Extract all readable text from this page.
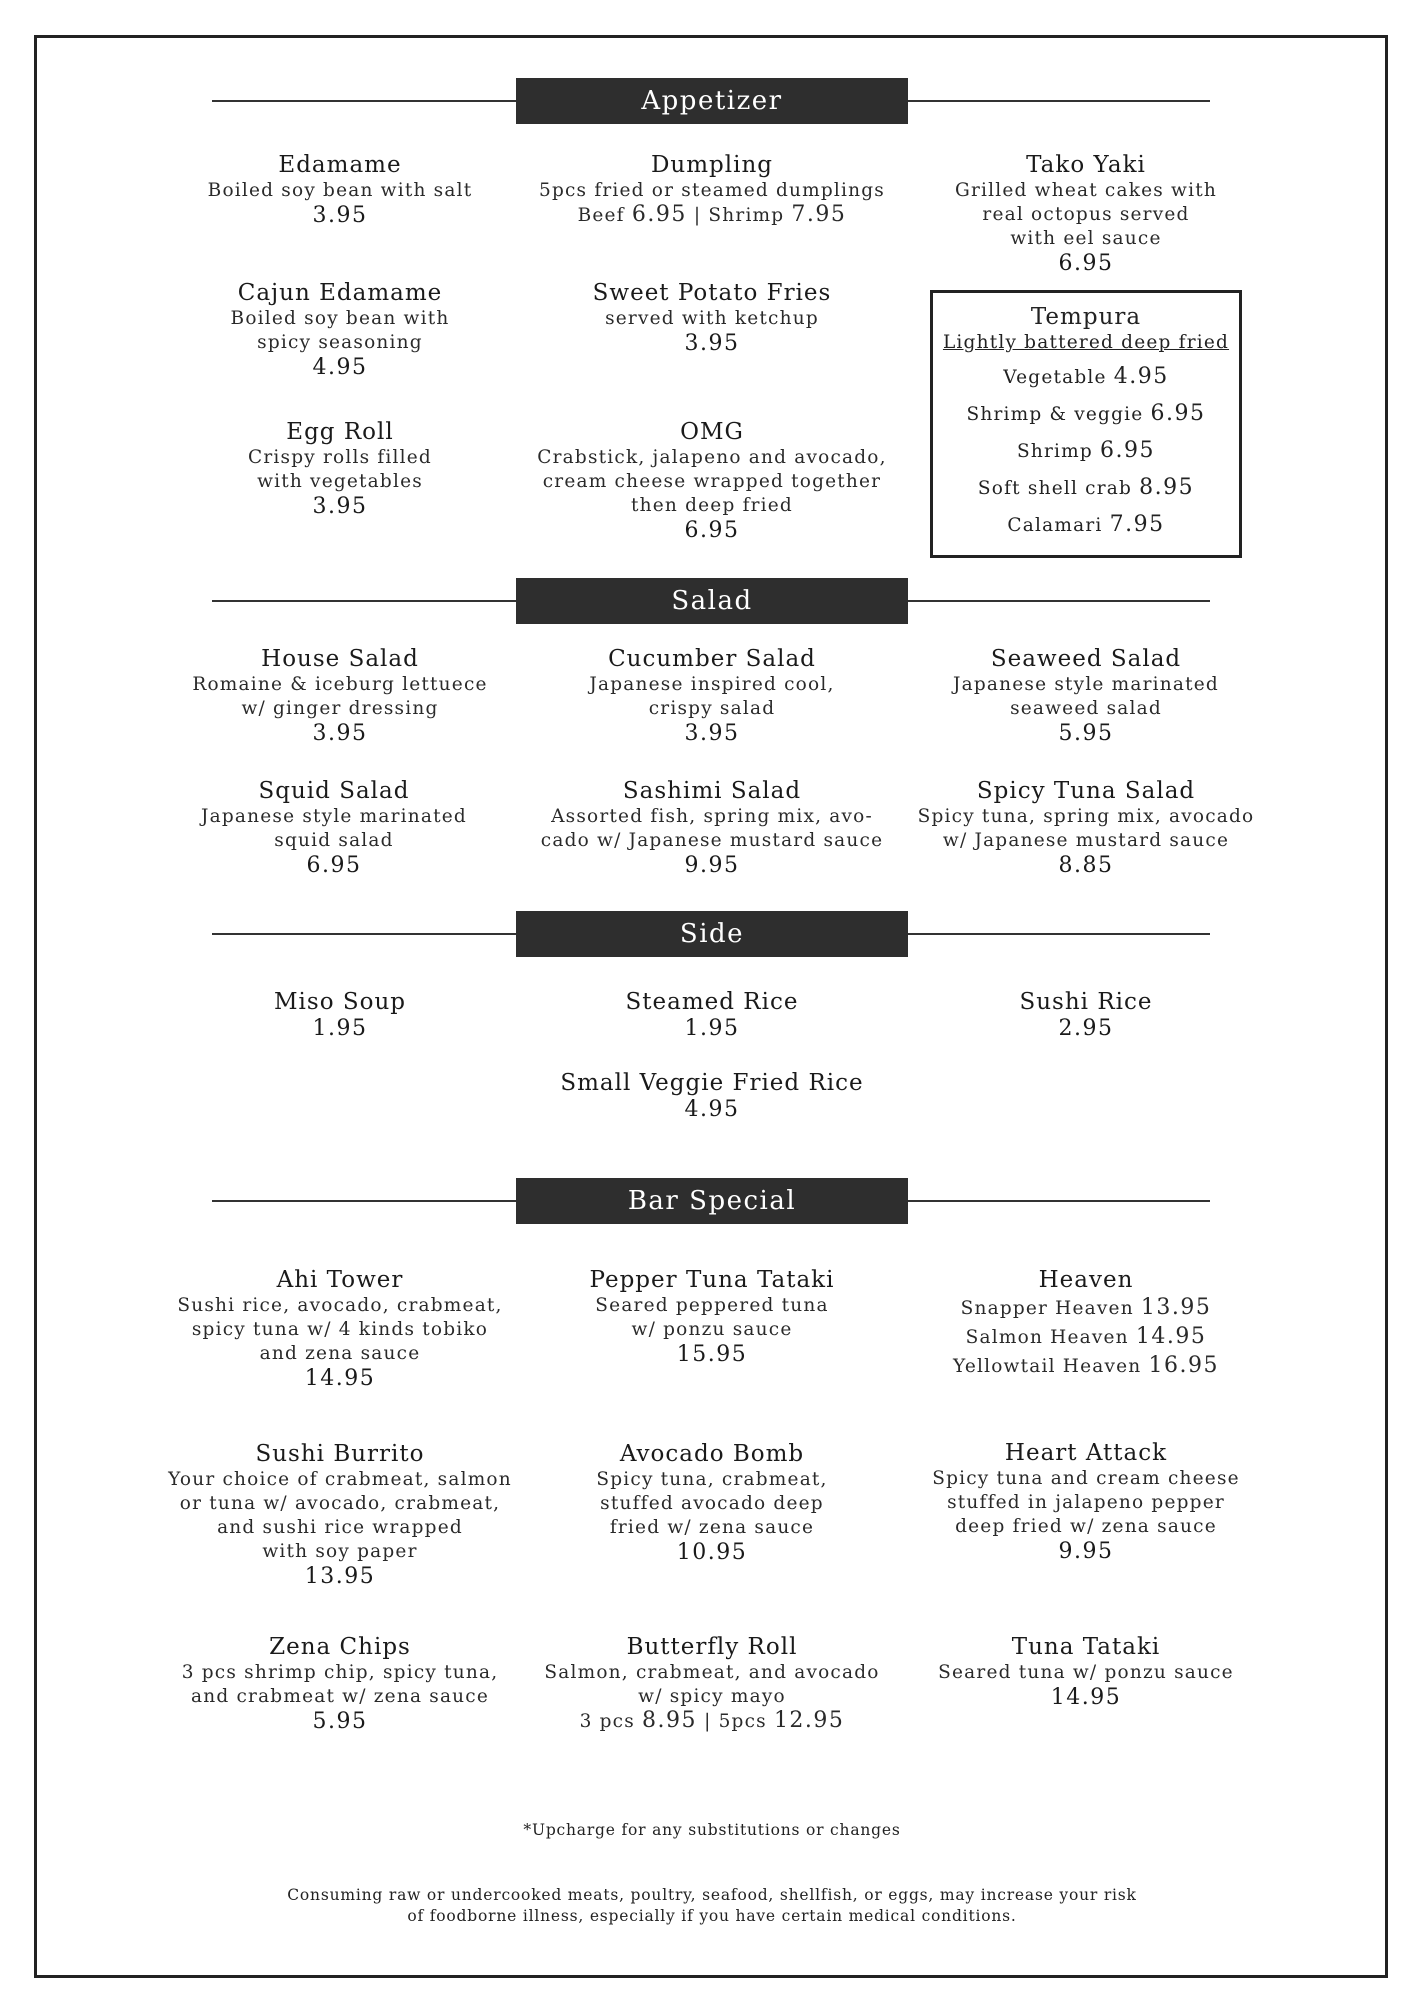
Appetizer
Salad
Side
Bar Special
Edamame
Boiled soy bean with salt
3.95
Dumpling
5pcs fried or steamed dumplings
Beef 6.95 | Shrimp 7.95
Tako Yaki
Grilled wheat cakes with
real octopus served
with eel sauce
6.95
Cajun Edamame
Boiled soy bean with
spicy seasoning
4.95
Sweet Potato Fries
served with ketchup
3.95
Egg Roll
Crispy rolls filled
with vegetables
3.95
OMG
Crabstick, jalapeno and avocado,
cream cheese wrapped together
then deep fried
6.95
Tempura
Lightly battered deep fried
Vegetable 4.95
Shrimp & veggie 6.95
Shrimp 6.95
Soft shell crab 8.95
Calamari 7.95
House Salad
Romaine & iceburg lettuece
w/ ginger dressing
3.95
Cucumber Salad
Japanese inspired cool,
crispy salad
3.95
Seaweed Salad
Japanese style marinated
seaweed salad
5.95
Squid Salad
Japanese style marinated
squid salad
6.95
Sashimi Salad
Assorted fish, spring mix, avo-
cado w/ Japanese mustard sauce
9.95
Spicy Tuna Salad
Spicy tuna, spring mix, avocado
w/ Japanese mustard sauce
8.85
Miso Soup
1.95
Steamed Rice
1.95
Sushi Rice
2.95
Small Veggie Fried Rice
4.95
Ahi Tower
Sushi rice, avocado, crabmeat,
spicy tuna w/ 4 kinds tobiko
and zena sauce
14.95
Pepper Tuna Tataki
Seared peppered tuna
w/ ponzu sauce
15.95
Heaven
Snapper Heaven 13.95
Salmon Heaven 14.95
Yellowtail Heaven 16.95
Sushi Burrito
Your choice of crabmeat, salmon
or tuna w/ avocado, crabmeat,
and sushi rice wrapped
with soy paper
13.95
Avocado Bomb
Spicy tuna, crabmeat,
stuffed avocado deep
fried w/ zena sauce
10.95
Heart Attack
Spicy tuna and cream cheese
stuffed in jalapeno pepper
deep fried w/ zena sauce
9.95
Zena Chips
3 pcs shrimp chip, spicy tuna,
and crabmeat w/ zena sauce
5.95
Butterfly Roll
Salmon, crabmeat, and avocado
w/ spicy mayo
3 pcs 8.95 | 5pcs 12.95
Tuna Tataki
Seared tuna w/ ponzu sauce
14.95
*Upcharge for any substitutions or changes
Consuming raw or undercooked meats, poultry, seafood, shellfish, or eggs, may increase your risk
of foodborne illness, especially if you have certain medical conditions.
